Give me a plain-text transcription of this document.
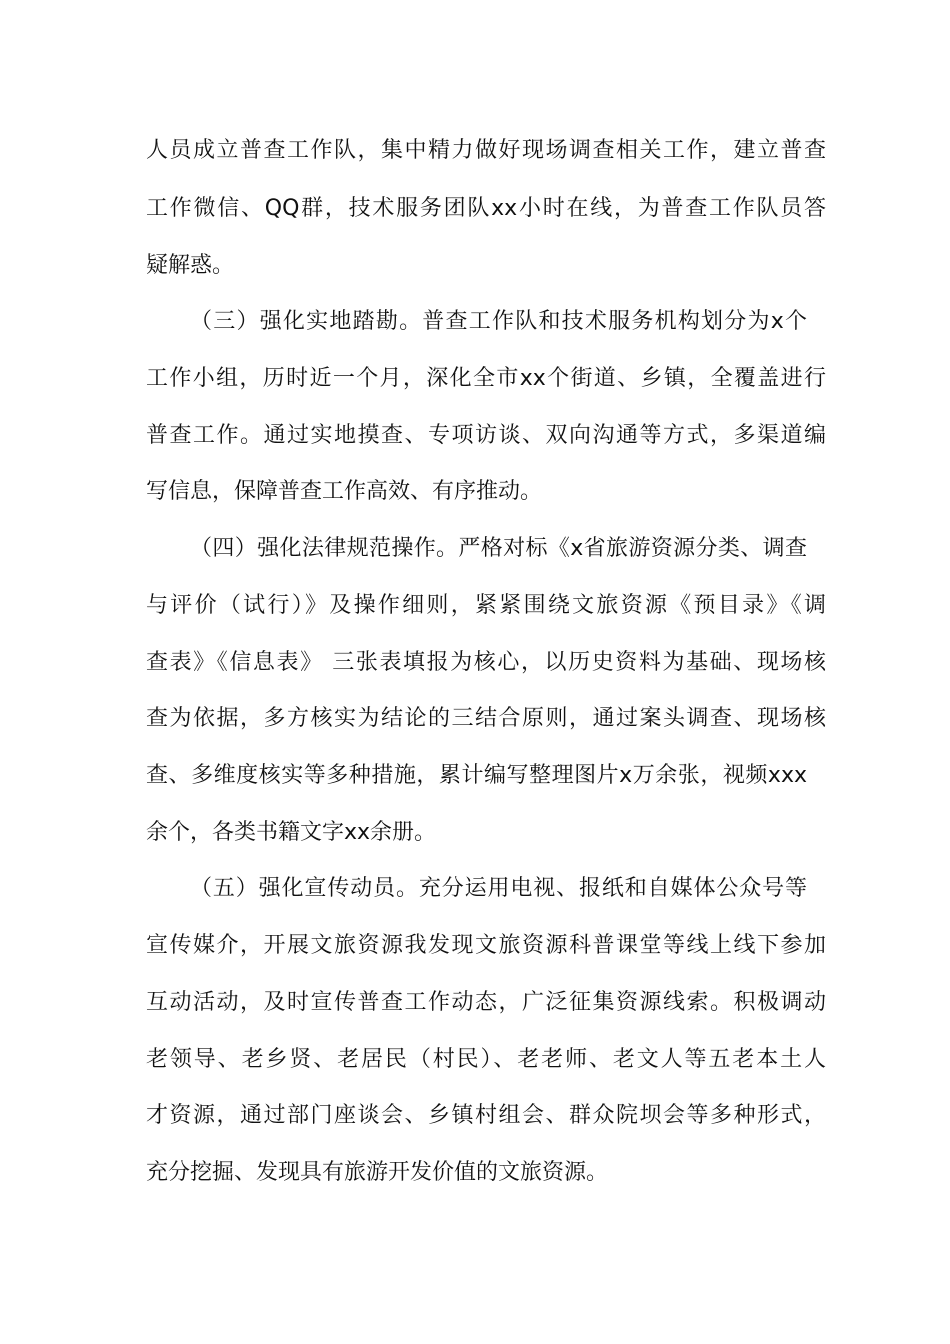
人员成立普查工作队，集中精力做好现场调查相关工作，建立普查
工作微信、QQ群，技术服务团队xx小时在线，为普查工作队员答
疑解惑。
（三）强化实地踏勘。普查工作队和技术服务机构划分为x个
工作小组，历时近一个月，深化全市xx个街道、乡镇，全覆盖进行
普查工作。通过实地摸查、专项访谈、双向沟通等方式，多渠道编
写信息，保障普查工作高效、有序推动。
（四）强化法律规范操作。严格对标《x省旅游资源分类、调查
与评价（试行）》及操作细则，紧紧围绕文旅资源《预目录》《调
查表》《信息表》 三张表填报为核心，以历史资料为基础、现场核
查为依据，多方核实为结论的三结合原则，通过案头调查、现场核
查、多维度核实等多种措施，累计编写整理图片x万余张，视频xxx
余个，各类书籍文字xx余册。
（五）强化宣传动员。充分运用电视、报纸和自媒体公众号等
宣传媒介，开展文旅资源我发现文旅资源科普课堂等线上线下参加
互动活动，及时宣传普查工作动态，广泛征集资源线索。积极调动
老领导、老乡贤、老居民（村民）、老老师、老文人等五老本土人
才资源，通过部门座谈会、乡镇村组会、群众院坝会等多种形式，
充分挖掘、发现具有旅游开发价值的文旅资源。
